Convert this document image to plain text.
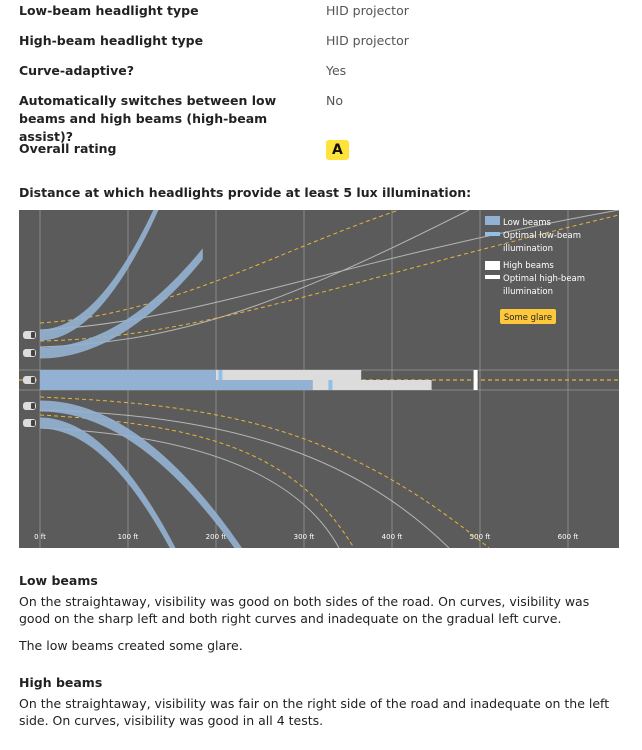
Low-beam headlight type	HID projector
High-beam headlight type	HID projector
Curve-adaptive?	Yes
Automatically switches between low beams and high beams (high-beam assist)?
No
Overall rating	A
Distance at which headlights provide at least 5 lux illumination:
0 ft	100 ft	200 ft	300 ft	400 ft	500 ft	600 ft
Low beams
Optimal low-beam illumination
High beams
Optimal high-beam illumination
Some glare
Low beams

On the straightaway, visibility was good on both sides of the road. On curves, visibility was good on the sharp left and both right curves and inadequate on the gradual left curve.

The low beams created some glare.

High beams

On the straightaway, visibility was fair on the right side of the road and inadequate on the left side. On curves, visibility was good in all 4 tests.
